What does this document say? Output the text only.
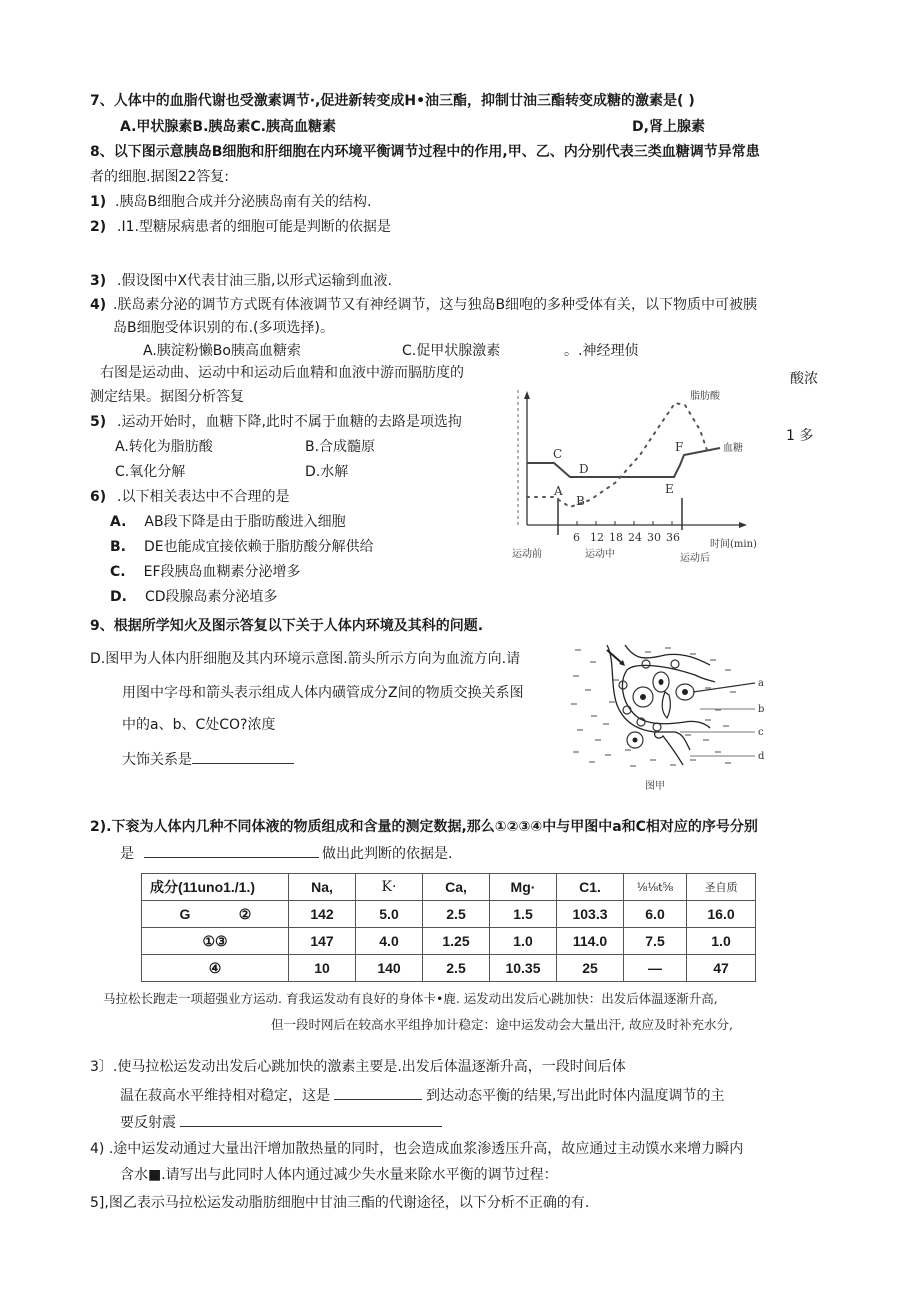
7、人体中的血脂代谢也受激素调节·,促进新转变成H•油三酯，抑制廿油三酯转变成糖的激素是( )
A.甲状腺素B.胰岛素C.胰高血糖素	D,肾上腺素
8、以下图示意胰岛B细胞和肝细胞在内环境平衡调节过程中的作用,甲、乙、内分别代表三类血糖调节异常患
者的细胞.据图22答复:
1) .胰岛B细胞合成并分泌胰岛南有关的结构.
2) .I1.型糖尿病患者的细胞可能是判断的依据是
3) .假设图中X代表甘油三脂,以形式运输到血液.
4) .朕岛素分泌的调节方式既有体液调节又有神经调节，这与独岛B细咆的多种受体有关，以下物质中可被胰
岛B细胞受体识别的布.(多项选择)。
A.胰淀粉懒Bo胰高血糖索	C.促甲状腺激素	。.神经理侦
右图是运动曲、运动中和运动后血精和血液中游而膈肪度的
测定结果。据图分析答复
酸浓
1 多
5) .运动开始时，血糖下降,此时不属于血糖的去路是项选拘
A.转化为脂肪酸	B.合成髓原
C.氧化分解	D.水解
6) .以下相关表达中不合理的是
A. AB段下降是由于脂昉酸进入细胞
B. DE也能成宜接依赖于脂肪酸分解供给
C. EF段胰岛血糊素分泌增多
D. CD段腺岛素分泌埴多
C
D
A
B
E
F
脂肪酸
血糖
6 12 18 24 30 36
时间(min)
运动前	运动中	运动后
9、根据所学知火及图示答复以下关于人体内环境及其科的问题.
D.图甲为人体内肝细胞及其内环境示意图.箭头所示方向为血流方向.请
用图中字母和箭头表示组成人体内磺管成分Z间的物质交换关系图
中的a、b、C处CO?浓度
大饰关系是
a
b
c
d
图甲
2).下衮为人体内几种不同体液的物质组成和含量的测定数据,那么①②③④中与甲图中a和C相对应的序号分别
是	做出此判断的依据是.
成分(11uno1./1.)	Na,	K·	Ca,	Mg·	C1.	⅛⅛t⅝	圣自质
G ②	142	5.0	2.5	1.5	103.3	6.0	16.0
①③	147	4.0	1.25	1.0	114.0	7.5	1.0
④	10	140	2.5	10.35	25	—	47
马拉松长跑走一项超强业方运动. 育我运发动有良好的身体卡•鹿. 运发动出发后心跳加快：出发后体温逐渐升高,
但一段时网后在较高水平组挣加计稳定：途中运发动会大量出汗, 故应及时补充水分,
3〕.使马拉松运发动出发后心跳加快的激素主要是.出发后体温逐渐升高，一段时间后体
温在菽高水平维持相对稳定，这是	到达动态平衡的结果,写出此时体内温度调节的主
要反射震
4) .途中运发动通过大量出汗增加散热量的同时，也会造成血浆渗透压升高，故应通过主动馍水来增力瞬内
含水■.请写出与此同时人体内通过减少失水量来除水平衡的调节过程：
5],图乙表示马拉松运发动脂肪细胞中甘油三酯的代谢途径，以下分析不正确的有.
